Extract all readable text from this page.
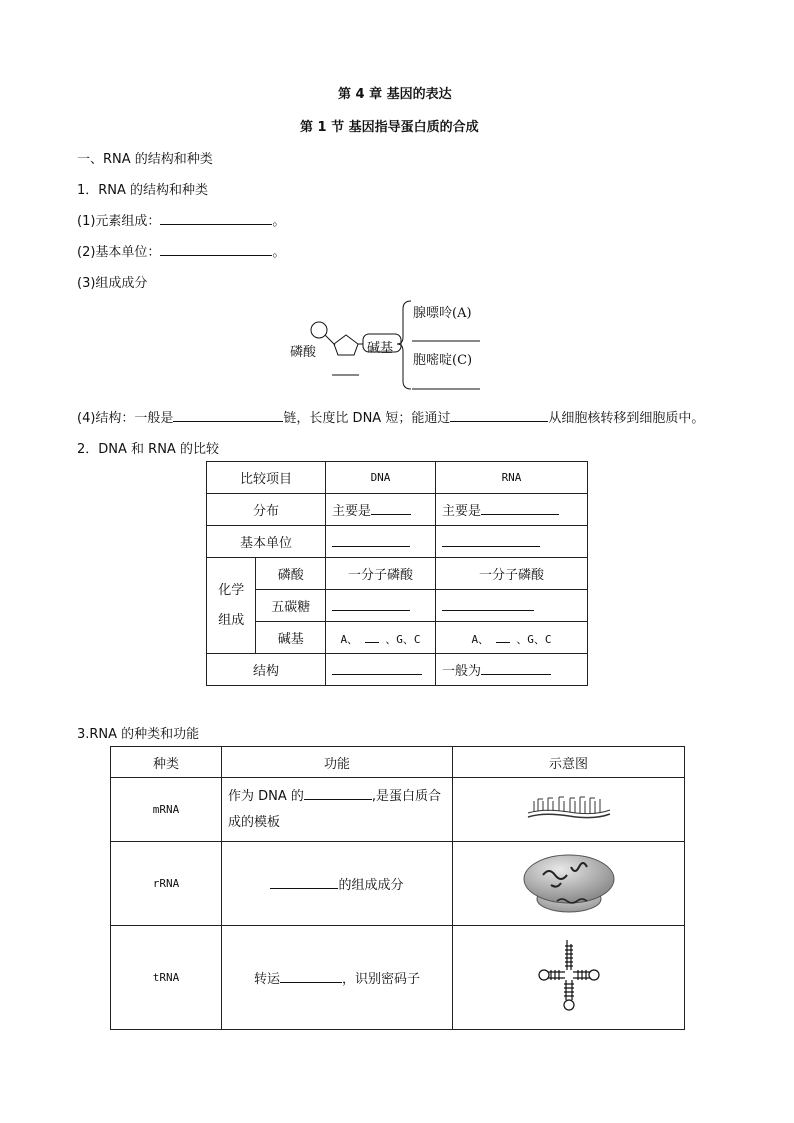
第 4 章 基因的表达
第 1 节 基因指导蛋白质的合成
一、RNA 的结构和种类
1．RNA 的结构和种类
(1)元素组成：	。
(2)基本单位：	。
(3)组成成分
磷酸	碱基
腺嘌呤(A)
胞嘧啶(C)
(4)结构：一般是	链，长度比 DNA 短；能通过	从细胞核转移到细胞质中。
2．DNA 和 RNA 的比较
比较项目		DNA	RNA
分布		主要是	主要是
基本单位			

化学组成	磷酸	一分子磷酸	一分子磷酸
	五碳糖		
	碱基	A、 、G、C	A、 、G、C
结构			一般为
3.RNA 的种类和功能
种类	功能	示意图
mRNA	作为 DNA 的 ,是蛋白质合
成的模板	
rRNA	的组成成分	
tRNA	转运 ，识别密码子	
